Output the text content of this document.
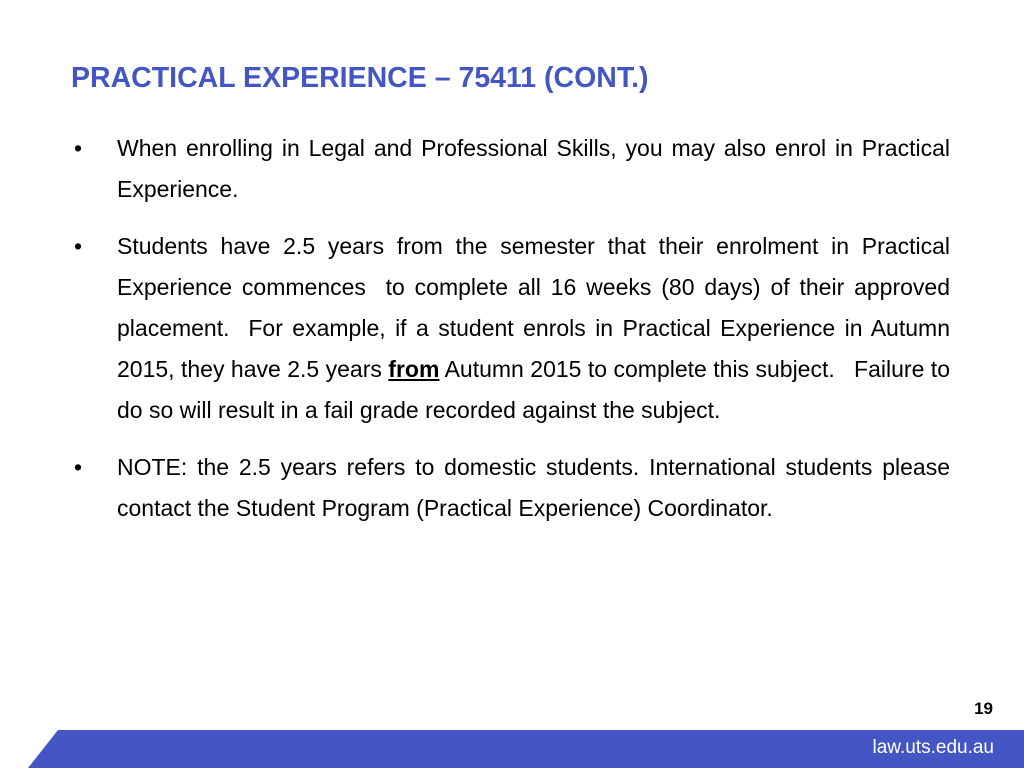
PRACTICAL EXPERIENCE – 75411 (CONT.)
•	When enrolling in Legal and Professional Skills, you may also enrol in Practical Experience.
•	Students have 2.5 years from the semester that their enrolment in Practical Experience commences  to complete all 16 weeks (80 days) of their approved placement.  For example, if a student enrols in Practical Experience in Autumn 2015, they have 2.5 years from Autumn 2015 to complete this subject.   Failure to do so will result in a fail grade recorded against the subject.
•	NOTE: the 2.5 years refers to domestic students. International students please contact the Student Program (Practical Experience) Coordinator.
19
law.uts.edu.au
